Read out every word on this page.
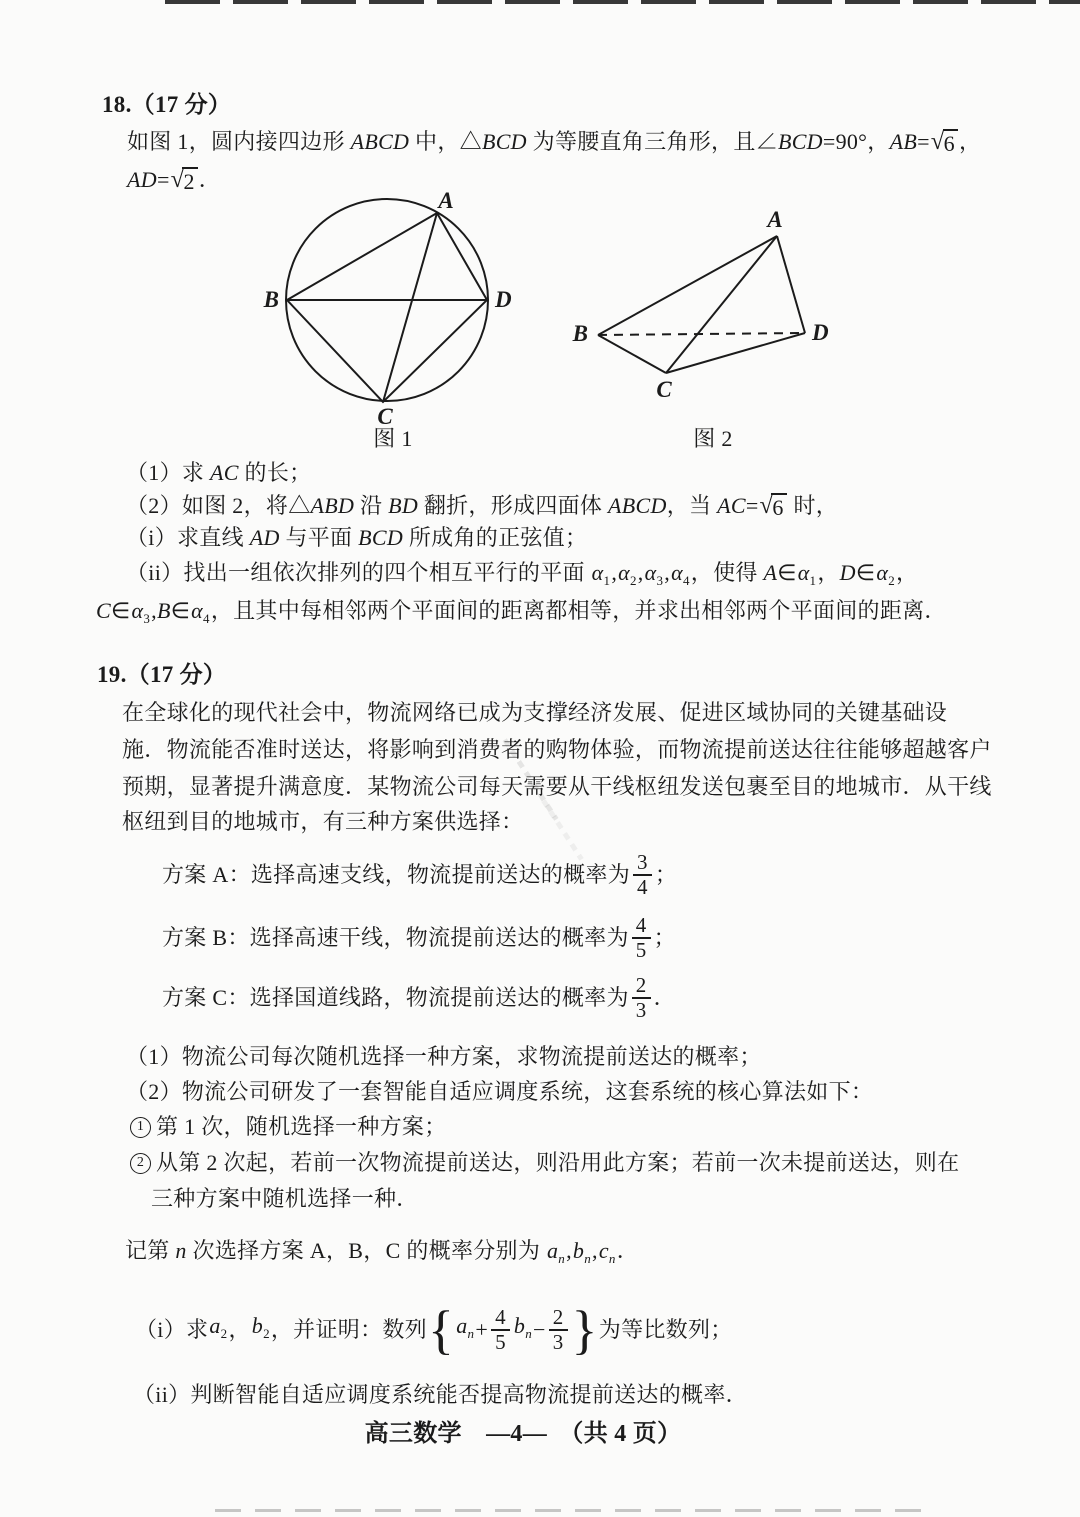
18.（17 分）
如图 1，圆内接四边形 ABCD 中，△BCD 为等腰直角三角形，且∠BCD=90°，AB= √ 6 ，
AD= √ 2 ．
A
B
C
D
图 1
A
B
C
D
图 2
（1）求 AC 的长；
（2）如图 2，将△ABD 沿 BD 翻折，形成四面体 ABCD，当 AC= √ 6 时，
（i）求直线 AD 与平面 BCD 所成角的正弦值；
（ii）找出一组依次排列的四个相互平行的平面 $\alpha_1,\alpha_2,\alpha_3,\alpha_4$，使得 $A\in\alpha_1$，$D\in\alpha_2$，
$C\in\alpha_3,B\in\alpha_4$，且其中每相邻两个平面间的距离都相等，并求出相邻两个平面间的距离．
19.（17 分）
在全球化的现代社会中，物流网络已成为支撑经济发展、促进区域协同的关键基础设
施．物流能否准时送达，将影响到消费者的购物体验，而物流提前送达往往能够超越客户
预期，显著提升满意度．某物流公司每天需要从干线枢纽发送包裹至目的地城市．从干线
枢纽到目的地城市，有三种方案供选择：
方案 A：选择高速支线，物流提前送达的概率为 $\frac{3}{4}$ ；
方案 B：选择高速干线，物流提前送达的概率为 $\frac{4}{5}$ ；
方案 C：选择国道线路，物流提前送达的概率为 $\frac{2}{3}$ ．
（1）物流公司每次随机选择一种方案，求物流提前送达的概率；
（2）物流公司研发了一套智能自适应调度系统，这套系统的核心算法如下：
1 第 1 次，随机选择一种方案；
2 从第 2 次起，若前一次物流提前送达，则沿用此方案；若前一次未提前送达，则在
三种方案中随机选择一种．
记第 n 次选择方案 A，B，C 的概率分别为 $a_n,b_n,c_n$．
（i）求 $a_2$ ， $b_2$ ，并证明：数列 { $a_n + \frac{4}{5} b_n - \frac{2}{3}$ } 为等比数列；
（ii）判断智能自适应调度系统能否提高物流提前送达的概率．
高三数学　—4—　（共 4 页）
